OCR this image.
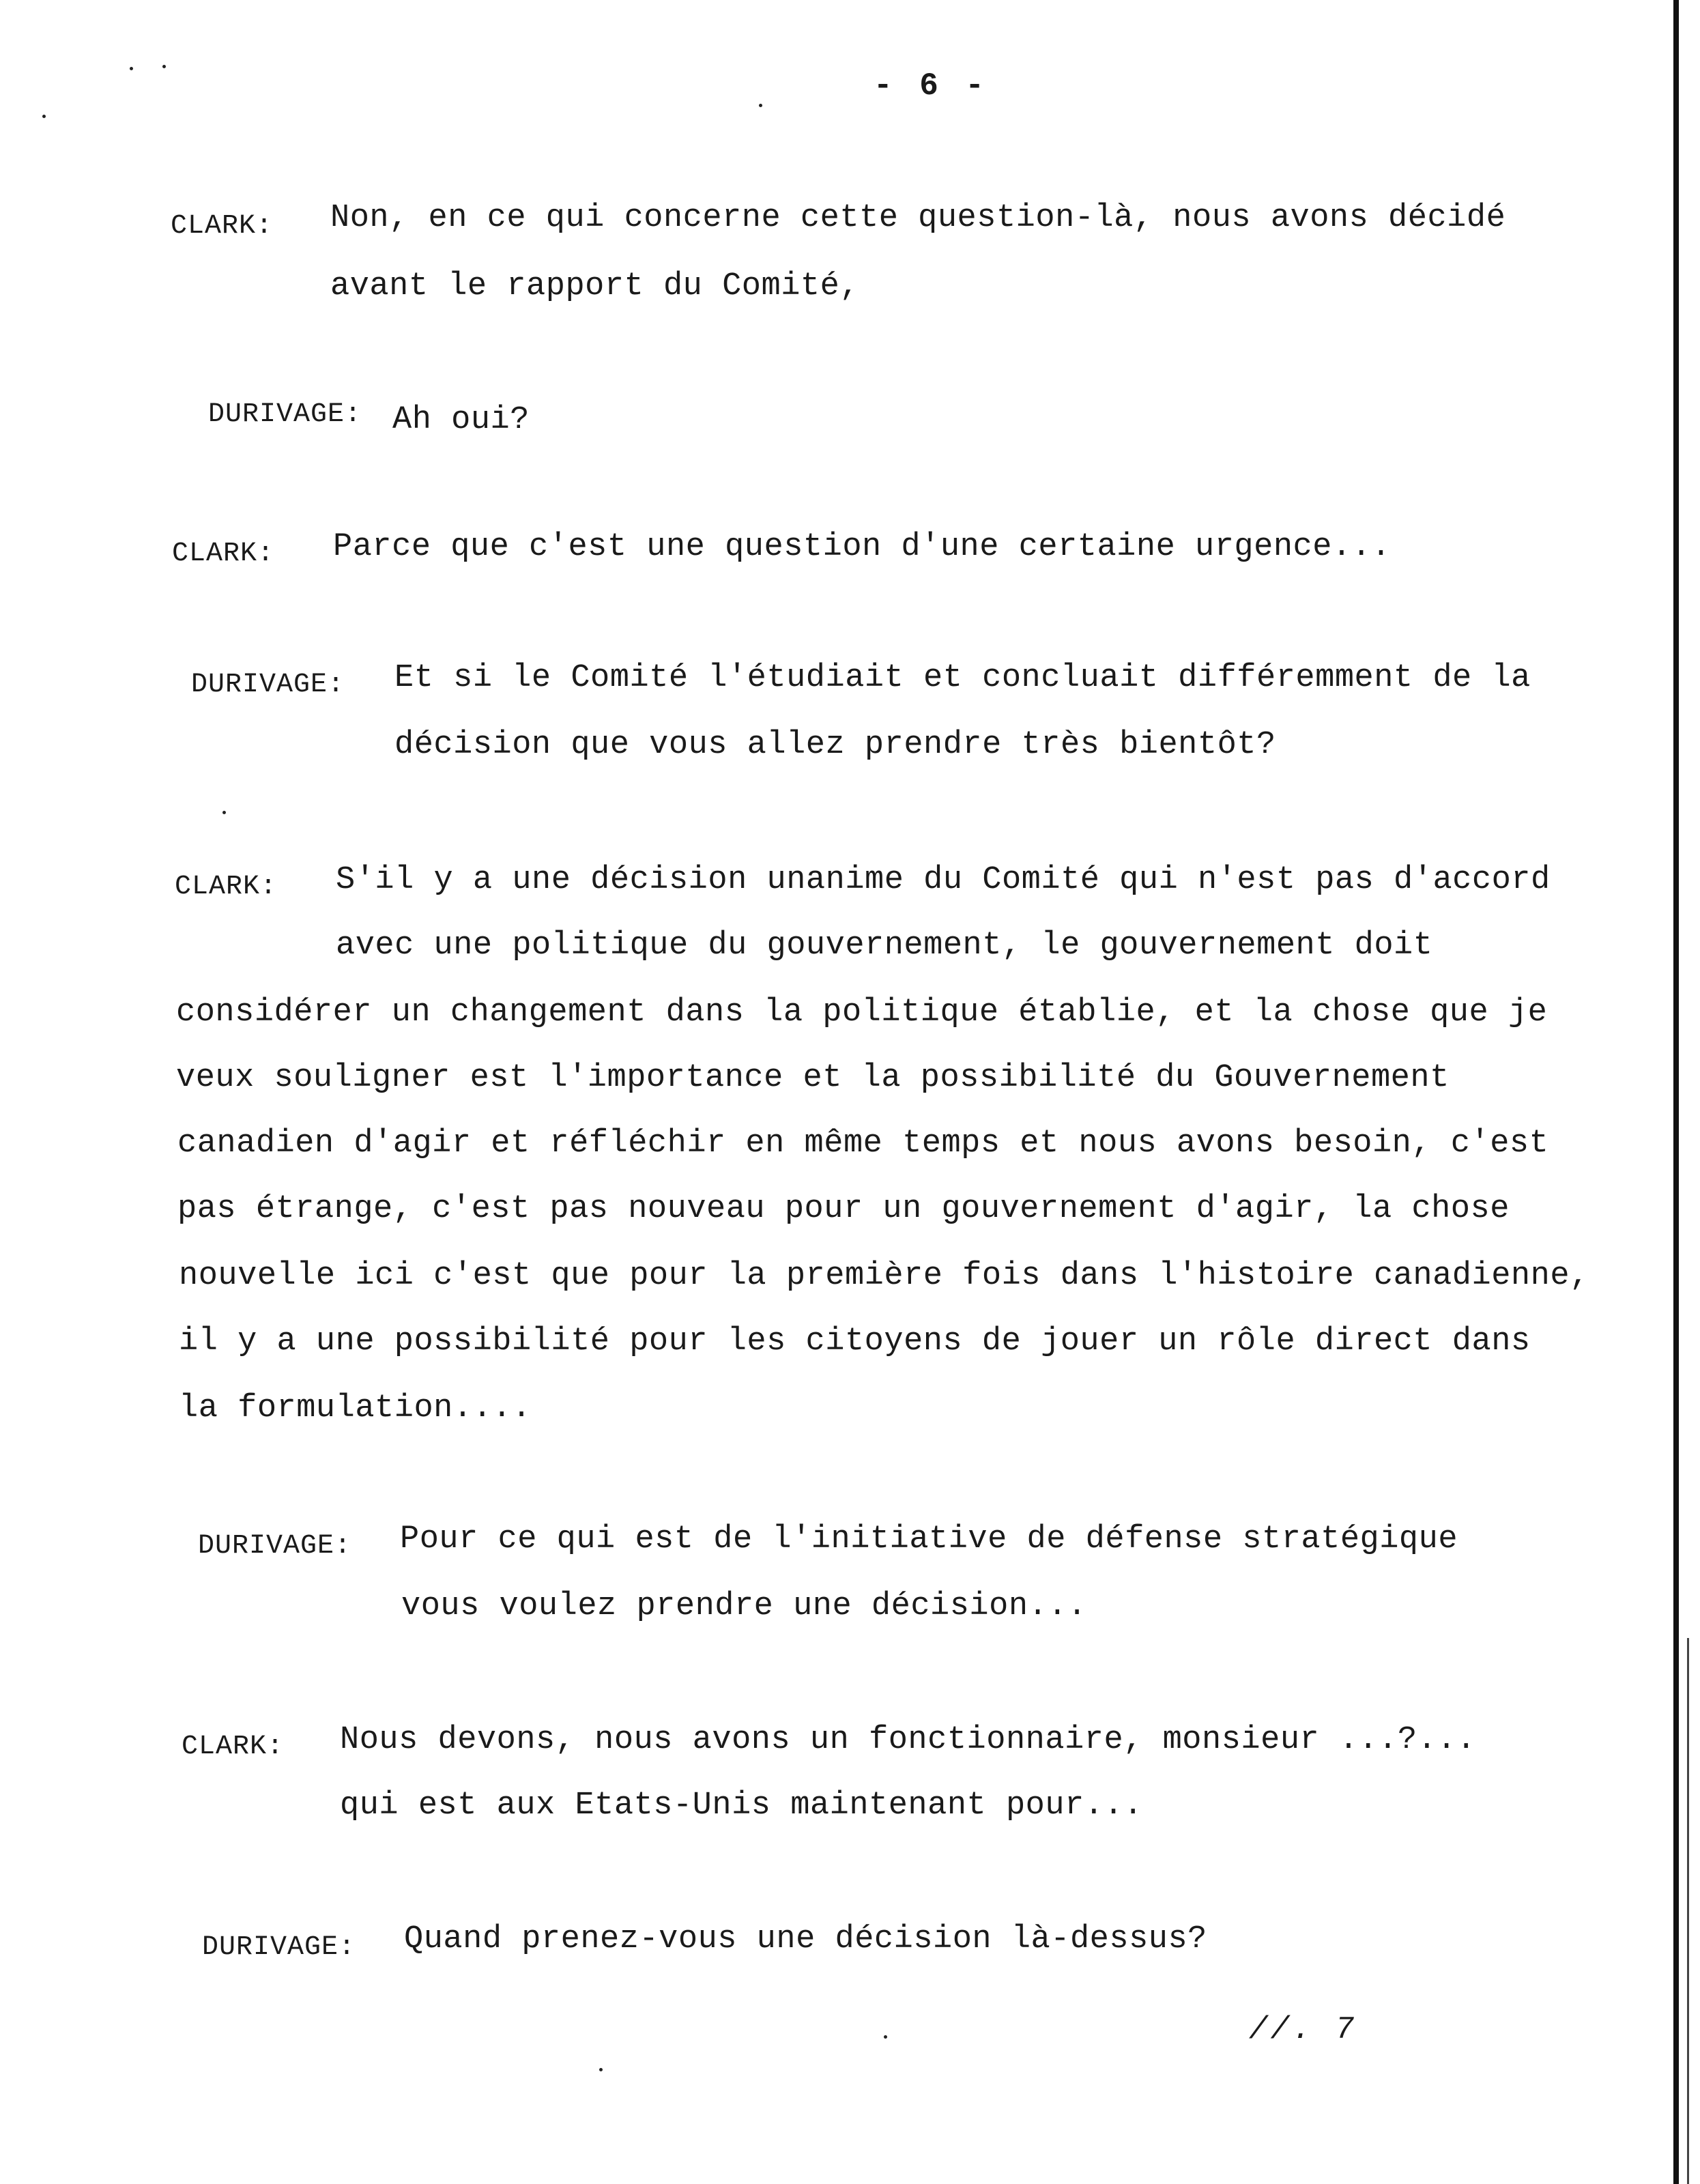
- 6 -
CLARK: Non, en ce qui concerne cette question-là, nous avons décidé
avant le rapport du Comité,
DURIVAGE: Ah oui?
CLARK: Parce que c'est une question d'une certaine urgence...
DURIVAGE: Et si le Comité l'étudiait et concluait différemment de la
décision que vous allez prendre très bientôt?
CLARK: S'il y a une décision unanime du Comité qui n'est pas d'accord
avec une politique du gouvernement, le gouvernement doit
considérer un changement dans la politique établie, et la chose que je
veux souligner est l'importance et la possibilité du Gouvernement
canadien d'agir et réfléchir en même temps et nous avons besoin, c'est
pas étrange, c'est pas nouveau pour un gouvernement d'agir, la chose
nouvelle ici c'est que pour la première fois dans l'histoire canadienne,
il y a une possibilité pour les citoyens de jouer un rôle direct dans
la formulation....
DURIVAGE: Pour ce qui est de l'initiative de défense stratégique
vous voulez prendre une décision...
CLARK: Nous devons, nous avons un fonctionnaire, monsieur ...?...
qui est aux Etats-Unis maintenant pour...
DURIVAGE: Quand prenez-vous une décision là-dessus?
//. 7
